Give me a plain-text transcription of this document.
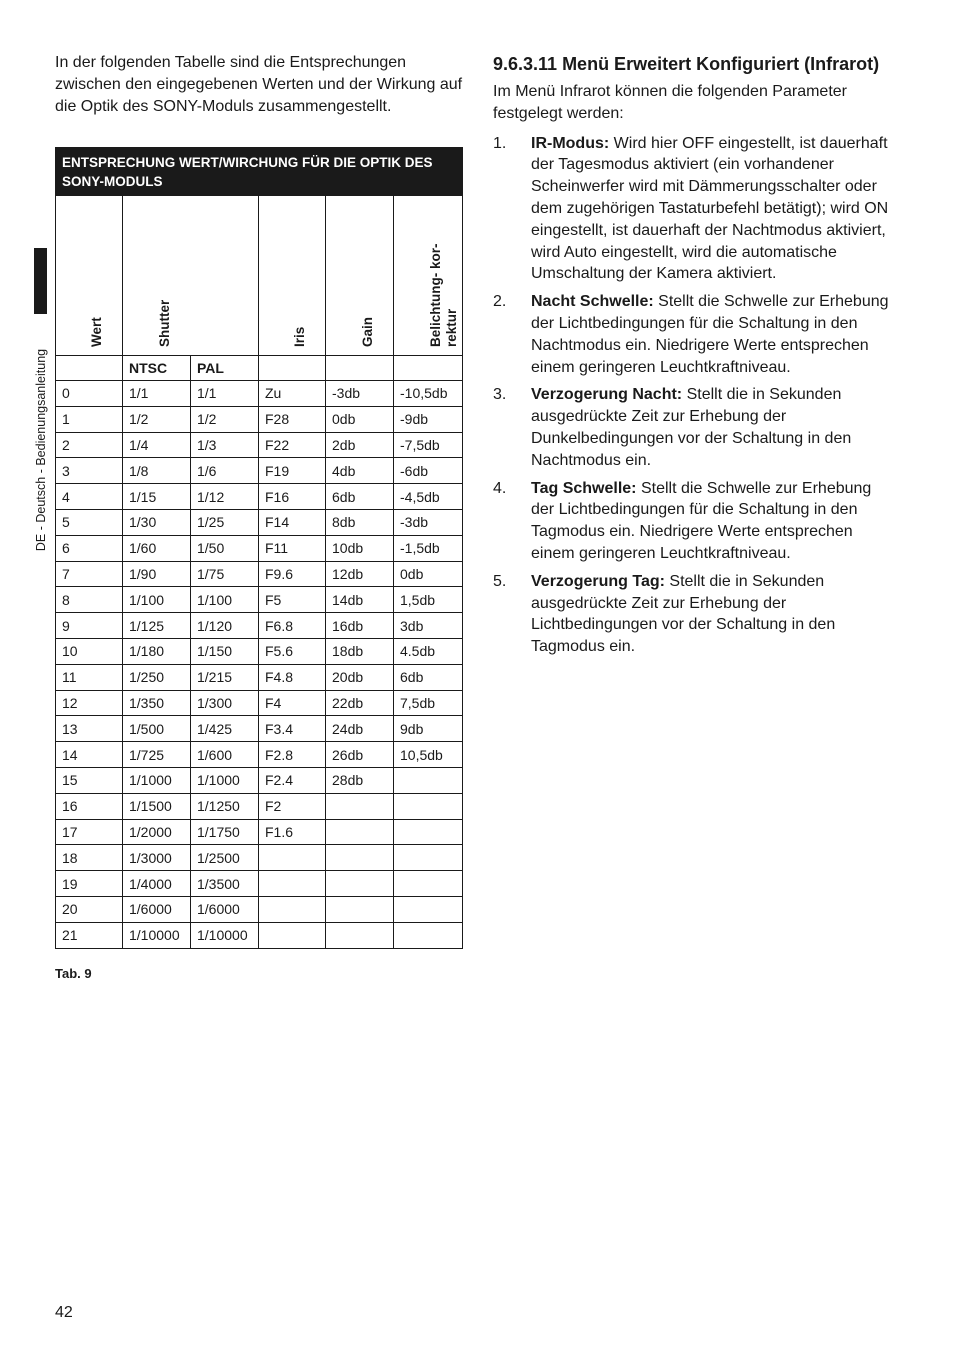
DE - Deutsch - Bedienungsanleitung

In der folgenden Tabelle sind die Entsprechungen zwischen den eingegebenen Werten und der Wirkung auf die Optik des SONY-Moduls zusammengestellt.

ENTSPRECHUNG WERT/WIRCHUNG FÜR DIE OPTIK DES SONY-MODULS					

Wert	Shutter		Iris	Gain	Belichtung- kor-rektur

	NTSC	PAL			
0	1/1	1/1	Zu	-3db	-10,5db
1	1/2	1/2	F28	0db	-9db
2	1/4	1/3	F22	2db	-7,5db
3	1/8	1/6	F19	4db	-6db
4	1/15	1/12	F16	6db	-4,5db
5	1/30	1/25	F14	8db	-3db
6	1/60	1/50	F11	10db	-1,5db
7	1/90	1/75	F9.6	12db	0db
8	1/100	1/100	F5	14db	1,5db
9	1/125	1/120	F6.8	16db	3db
10	1/180	1/150	F5.6	18db	4.5db
11	1/250	1/215	F4.8	20db	6db
12	1/350	1/300	F4	22db	7,5db
13	1/500	1/425	F3.4	24db	9db
14	1/725	1/600	F2.8	26db	10,5db
15	1/1000	1/1000	F2.4	28db	
16	1/1500	1/1250	F2		
17	1/2000	1/1750	F1.6		
18	1/3000	1/2500			
19	1/4000	1/3500			
20	1/6000	1/6000			
21	1/10000	1/10000			
Tab. 9
42
9.6.3.11 Menü Erweitert Konfiguriert (Infrarot)

Im Menü Infrarot können die folgenden Parameter festgelegt werden:

1. IR-Modus: Wird hier OFF eingestellt, ist dauerhaft der Tagesmodus aktiviert (ein vorhandener Scheinwerfer wird mit Dämmerungsschalter oder dem zugehörigen Tastaturbefehl betätigt); wird ON eingestellt, ist dauerhaft der Nachtmodus aktiviert, wird Auto eingestellt, wird die automatische Umschaltung der Kamera aktiviert.
2. Nacht Schwelle: Stellt die Schwelle zur Erhebung der Lichtbedingungen für die Schaltung in den Nachtmodus ein. Niedrigere Werte entsprechen einem geringeren Leuchtkraftniveau.
3. Verzogerung Nacht: Stellt die in Sekunden ausgedrückte Zeit zur Erhebung der Dunkelbedingungen vor der Schaltung in den Nachtmodus ein.
4. Tag Schwelle: Stellt die Schwelle zur Erhebung der Lichtbedingungen für die Schaltung in den Tagmodus ein. Niedrigere Werte entsprechen einem geringeren Leuchtkraftniveau.
5. Verzogerung Tag: Stellt die in Sekunden ausgedrückte Zeit zur Erhebung der Lichtbedingungen vor der Schaltung in den Tagmodus ein.
